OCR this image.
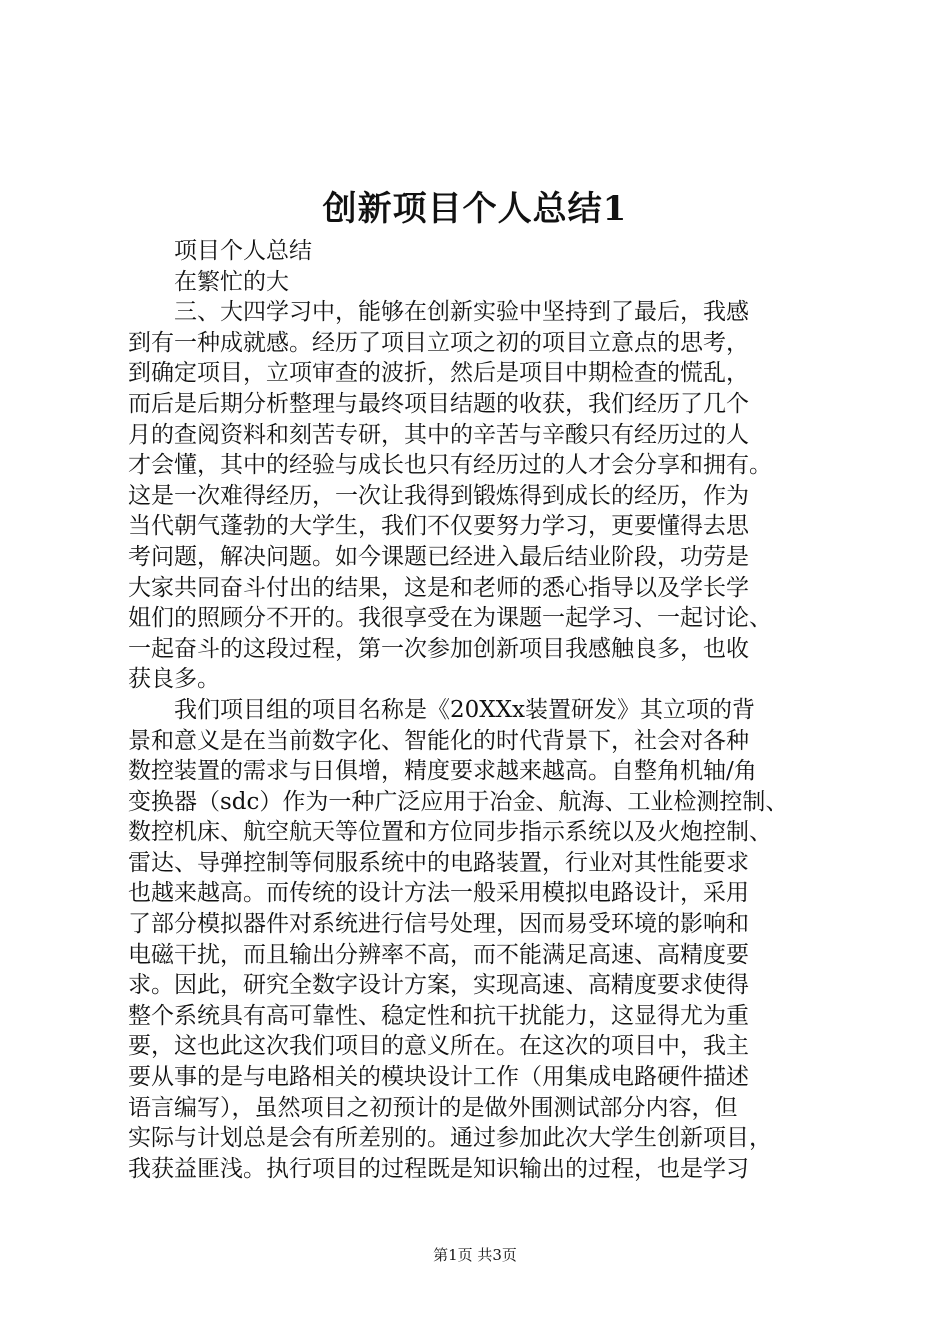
创新项目个人总结1
　　项目个人总结
　　在繁忙的大
　　三、大四学习中，能够在创新实验中坚持到了最后，我感
到有一种成就感。经历了项目立项之初的项目立意点的思考，
到确定项目，立项审查的波折，然后是项目中期检查的慌乱，
而后是后期分析整理与最终项目结题的收获，我们经历了几个
月的查阅资料和刻苦专研，其中的辛苦与辛酸只有经历过的人
才会懂，其中的经验与成长也只有经历过的人才会分享和拥有。
这是一次难得经历，一次让我得到锻炼得到成长的经历，作为
当代朝气蓬勃的大学生，我们不仅要努力学习，更要懂得去思
考问题，解决问题。如今课题已经进入最后结业阶段，功劳是
大家共同奋斗付出的结果，这是和老师的悉心指导以及学长学
姐们的照顾分不开的。我很享受在为课题一起学习、一起讨论、
一起奋斗的这段过程，第一次参加创新项目我感触良多，也收
获良多。
　　我们项目组的项目名称是《20XXx装置研发》其立项的背
景和意义是在当前数字化、智能化的时代背景下，社会对各种
数控装置的需求与日俱增，精度要求越来越高。自整角机轴/角
变换器（sdc）作为一种广泛应用于冶金、航海、工业检测控制、
数控机床、航空航天等位置和方位同步指示系统以及火炮控制、
雷达、导弹控制等伺服系统中的电路装置，行业对其性能要求
也越来越高。而传统的设计方法一般采用模拟电路设计，采用
了部分模拟器件对系统进行信号处理，因而易受环境的影响和
电磁干扰，而且输出分辨率不高，而不能满足高速、高精度要
求。因此，研究全数字设计方案，实现高速、高精度要求使得
整个系统具有高可靠性、稳定性和抗干扰能力，这显得尤为重
要，这也此这次我们项目的意义所在。在这次的项目中，我主
要从事的是与电路相关的模块设计工作（用集成电路硬件描述
语言编写），虽然项目之初预计的是做外围测试部分内容，但
实际与计划总是会有所差别的。通过参加此次大学生创新项目，
我获益匪浅。执行项目的过程既是知识输出的过程，也是学习
第1页 共3页
